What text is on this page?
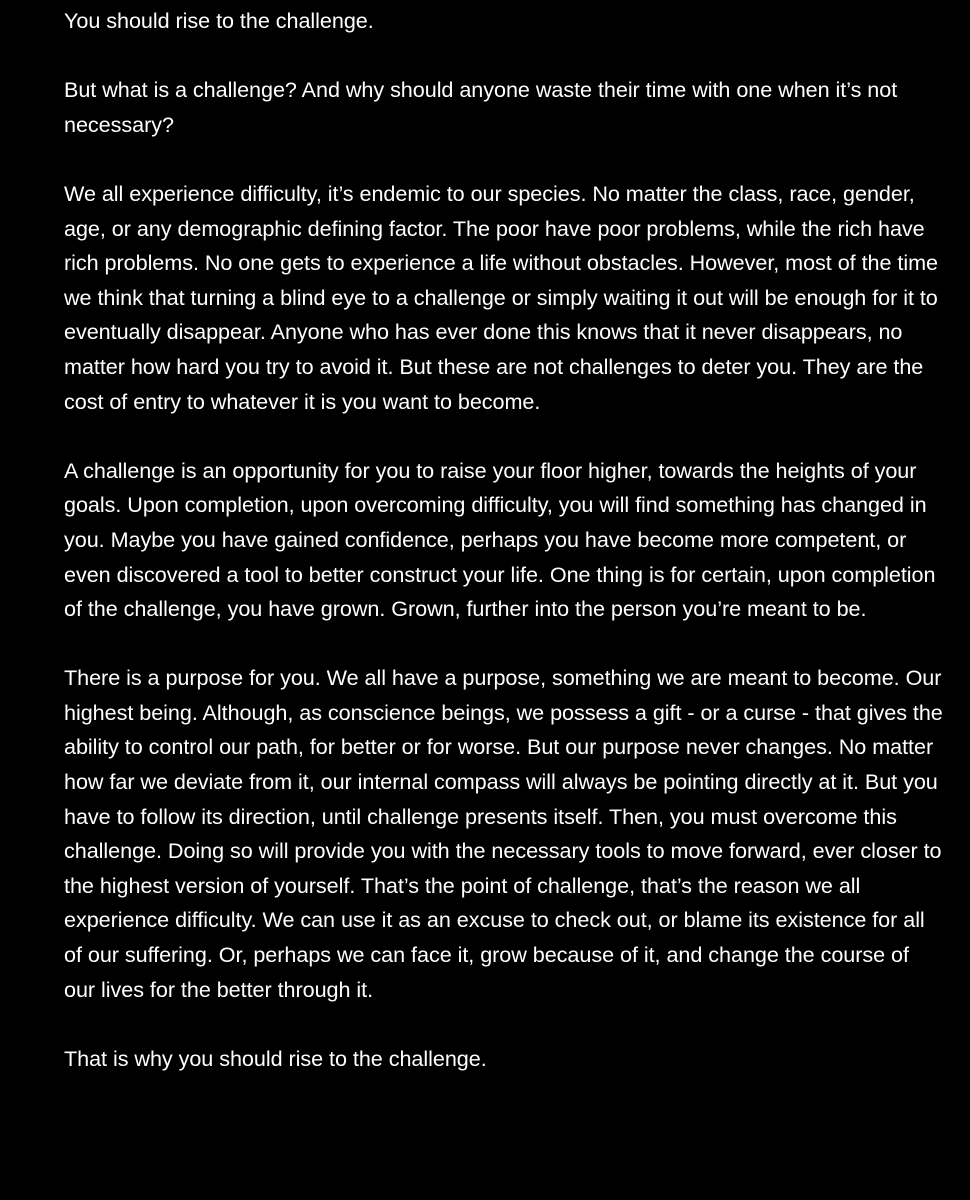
You should rise to the challenge.

But what is a challenge? And why should anyone waste their time with one when it’s not necessary?

We all experience difficulty, it’s endemic to our species. No matter the class, race, gender, age, or any demographic defining factor. The poor have poor problems, while the rich have rich problems. No one gets to experience a life without obstacles. However, most of the time we think that turning a blind eye to a challenge or simply waiting it out will be enough for it to eventually disappear. Anyone who has ever done this knows that it never disappears, no matter how hard you try to avoid it. But these are not challenges to deter you. They are the cost of entry to whatever it is you want to become.

A challenge is an opportunity for you to raise your floor higher, towards the heights of your goals. Upon completion, upon overcoming difficulty, you will find something has changed in you. Maybe you have gained confidence, perhaps you have become more competent, or even discovered a tool to better construct your life. One thing is for certain, upon completion of the challenge, you have grown. Grown, further into the person you’re meant to be.

There is a purpose for you. We all have a purpose, something we are meant to become. Our highest being. Although, as conscience beings, we possess a gift - or a curse - that gives the ability to control our path, for better or for worse. But our purpose never changes. No matter how far we deviate from it, our internal compass will always be pointing directly at it. But you have to follow its direction, until challenge presents itself. Then, you must overcome this challenge. Doing so will provide you with the necessary tools to move forward, ever closer to the highest version of yourself. That’s the point of challenge, that’s the reason we all experience difficulty. We can use it as an excuse to check out, or blame its existence for all of our suffering. Or, perhaps we can face it, grow because of it, and change the course of our lives for the better through it.

That is why you should rise to the challenge.
